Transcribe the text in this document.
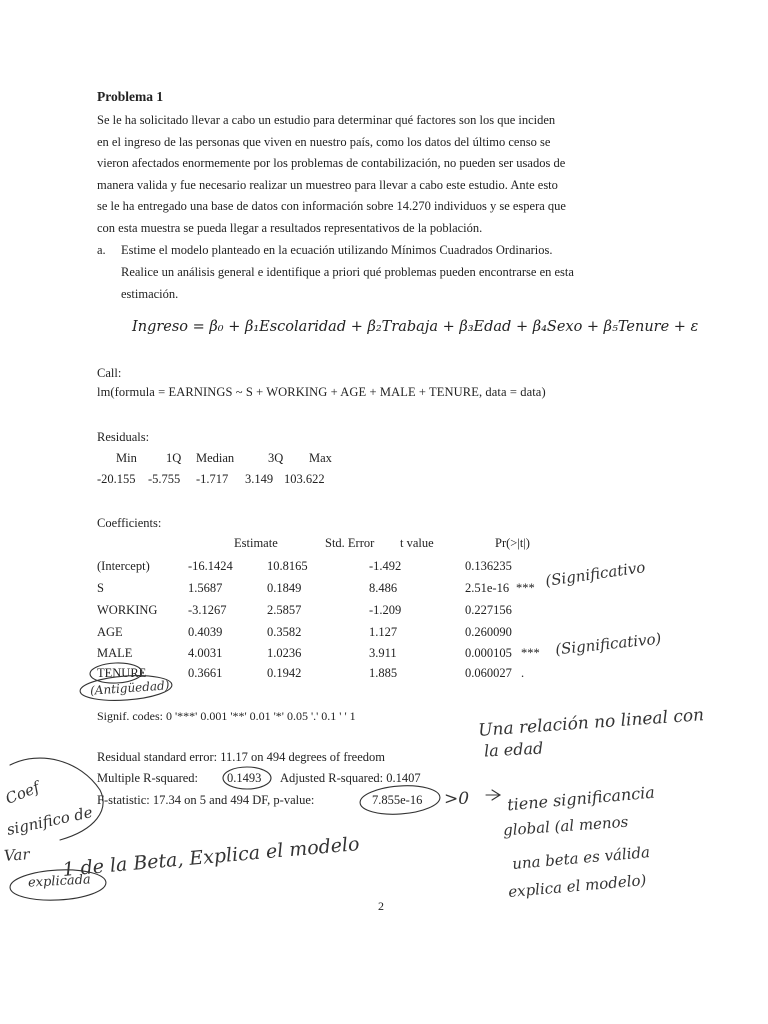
Problema 1

Se le ha solicitado llevar a cabo un estudio para determinar qué factores son los que inciden

en el ingreso de las personas que viven en nuestro país, como los datos del último censo se

vieron afectados enormemente por los problemas de contabilización, no pueden ser usados de

manera valida y fue necesario realizar un muestreo para llevar a cabo este estudio. Ante esto

se le ha entregado una base de datos con información sobre 14.270 individuos y se espera que

con esta muestra se pueda llegar a resultados representativos de la población.

a. Estime el modelo planteado en la ecuación utilizando Mínimos Cuadrados Ordinarios.
Realice un análisis general e identifique a priori qué problemas pueden encontrarse en esta
estimación.
Ingreso = β₀ + β₁Escolaridad + β₂Trabaja + β₃Edad + β₄Sexo + β₅Tenure + ε
Call:
lm(formula = EARNINGS ~ S + WORKING + AGE + MALE + TENURE, data = data)
Residuals:
Min 1Q Median	3Q Max
-20.155 -5.755 -1.717 3.149 103.622
Coefficients:
Estimate	Std. Error t value	Pr(>|t|)
(Intercept)	-16.1424	10.8165	-1.492	0.136235
S	1.5687	0.1849	8.486	2.51e-16 ***
WORKING -3.1267	2.5857	-1.209	0.227156
AGE	0.4039	0.3582	1.127	0.260090
MALE	4.0031	1.0236	3.911	0.000105 ***
TENURE	0.3661	0.1942	1.885	0.060027 .
Signif. codes: 0 '***' 0.001 '**' 0.01 '*' 0.05 '.' 0.1 ' ' 1
Residual standard error: 11.17 on 494 degrees of freedom
Multiple R-squared: 0.1493 Adjusted R-squared: 0.1407
F-statistic: 17.34 on 5 and 494 DF, p-value:	7.855e-16
(Significativo
(Significativo)
(Antigüedad)
Una relación no lineal con
la edad
>0 tiene significancia
global (al menos
una beta es válida
explica el modelo)
Coef
significo de
Var
explicada
1 de la Beta, Explica el modelo
2
